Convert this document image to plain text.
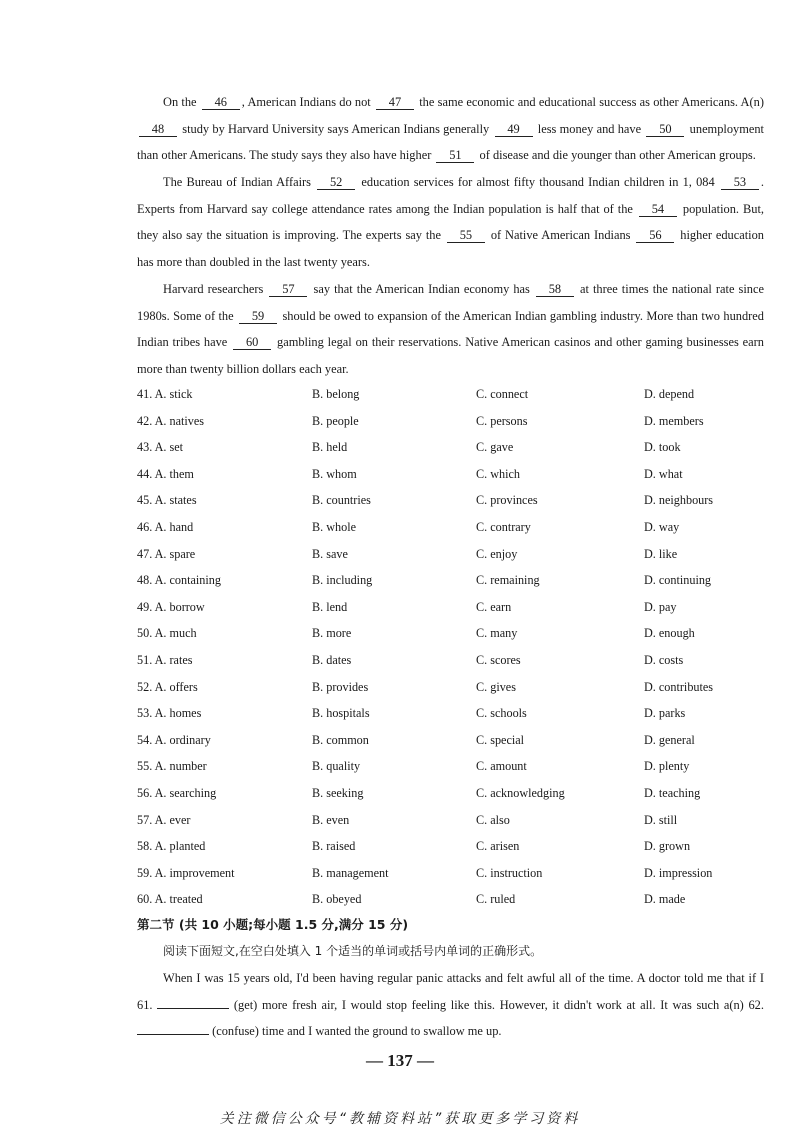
On the 46 , American Indians do not 47 the same economic and educational success as other Americans. A(n) 48 study by Harvard University says American Indians generally 49 less money and have 50 unemployment than other Americans. The study says they also have higher 51 of disease and die younger than other American groups.
The Bureau of Indian Affairs 52 education services for almost fifty thousand Indian children in 1, 084 53 . Experts from Harvard say college attendance rates among the Indian population is half that of the 54 population. But, they also say the situation is improving. The experts say the 55 of Native American Indians 56 higher education has more than doubled in the last twenty years.
Harvard researchers 57 say that the American Indian economy has 58 at three times the national rate since 1980s. Some of the 59 should be owed to expansion of the American Indian gambling industry. More than two hundred Indian tribes have 60 gambling legal on their reservations. Native American casinos and other gaming businesses earn more than twenty billion dollars each year.
41. A. stick	B. belong	C. connect	D. depend
42. A. natives	B. people	C. persons	D. members
43. A. set	B. held	C. gave	D. took
44. A. them	B. whom	C. which	D. what
45. A. states	B. countries	C. provinces	D. neighbours
46. A. hand	B. whole	C. contrary	D. way
47. A. spare	B. save	C. enjoy	D. like
48. A. containing	B. including	C. remaining	D. continuing
49. A. borrow	B. lend	C. earn	D. pay
50. A. much	B. more	C. many	D. enough
51. A. rates	B. dates	C. scores	D. costs
52. A. offers	B. provides	C. gives	D. contributes
53. A. homes	B. hospitals	C. schools	D. parks
54. A. ordinary	B. common	C. special	D. general
55. A. number	B. quality	C. amount	D. plenty
56. A. searching	B. seeking	C. acknowledging	D. teaching
57. A. ever	B. even	C. also	D. still
58. A. planted	B. raised	C. arisen	D. grown
59. A. improvement	B. management	C. instruction	D. impression
60. A. treated	B. obeyed	C. ruled	D. made
第二节 (共 10 小题;每小题 1.5 分,满分 15 分)
阅读下面短文,在空白处填入 1 个适当的单词或括号内单词的正确形式。
When I was 15 years old, I'd been having regular panic attacks and felt awful all of the time. A doctor told me that if I 61.	(get) more fresh air, I would stop feeling like this. However, it didn't work at all. It was such a(n) 62.  (confuse) time and I wanted the ground to swallow me up.
— 137 —
关注微信公众号“教辅资料站”获取更多学习资料
